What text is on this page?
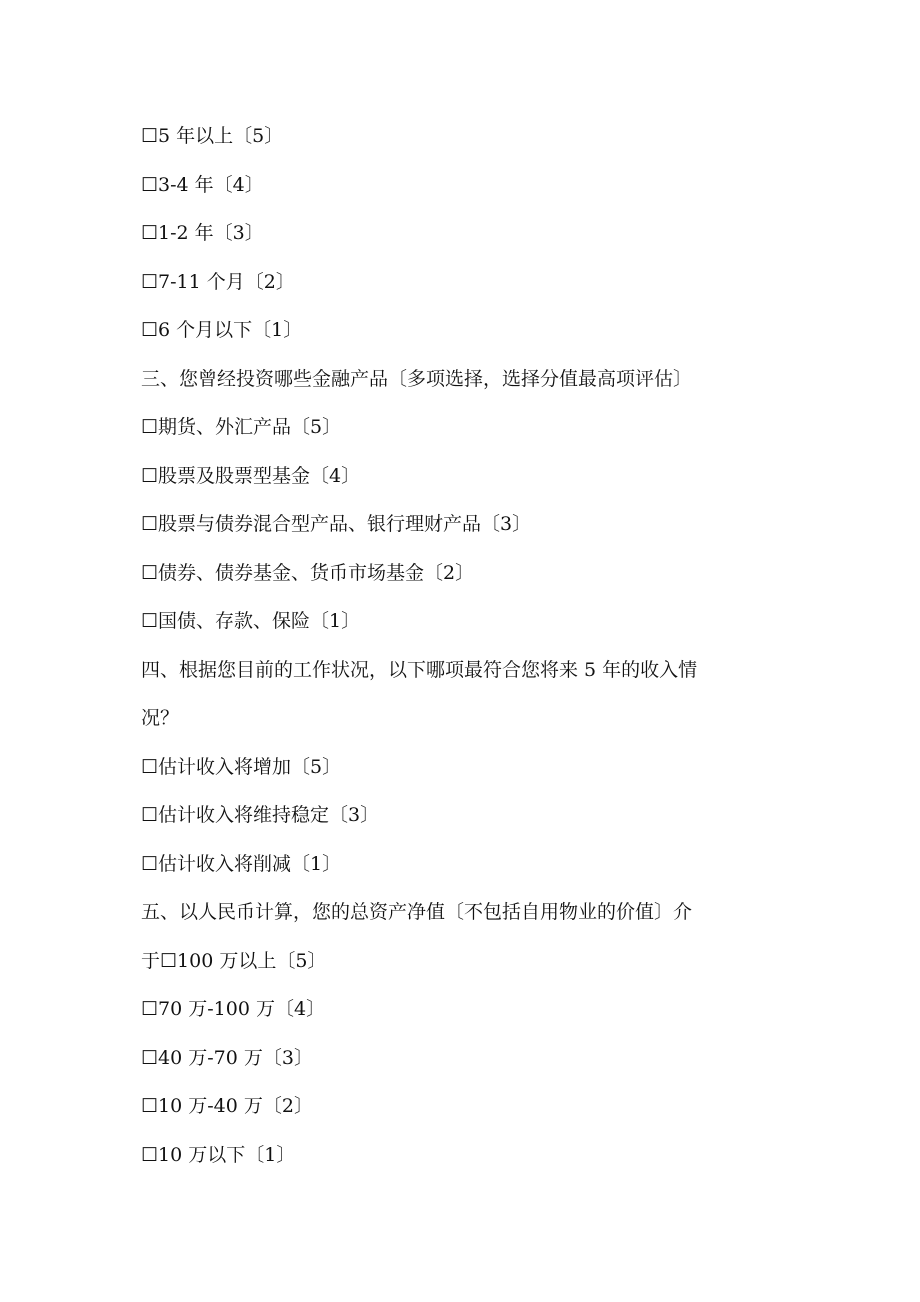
☐5 年以上〔5〕
☐3-4 年〔4〕
☐1-2 年〔3〕
☐7-11 个月〔2〕
☐6 个月以下〔1〕
三、您曾经投资哪些金融产品〔多项选择，选择分值最高项评估〕
☐期货、外汇产品〔5〕
☐股票及股票型基金〔4〕
☐股票与债券混合型产品、银行理财产品〔3〕
☐债券、债券基金、货币市场基金〔2〕
☐国债、存款、保险〔1〕
四、根据您目前的工作状况，以下哪项最符合您将来 5 年的收入情
况？
☐估计收入将增加〔5〕
☐估计收入将维持稳定〔3〕
☐估计收入将削减〔1〕
五、以人民币计算，您的总资产净值〔不包括自用物业的价值〕介
于☐100 万以上〔5〕
☐70 万-100 万〔4〕
☐40 万-70 万〔3〕
☐10 万-40 万〔2〕
☐10 万以下〔1〕
